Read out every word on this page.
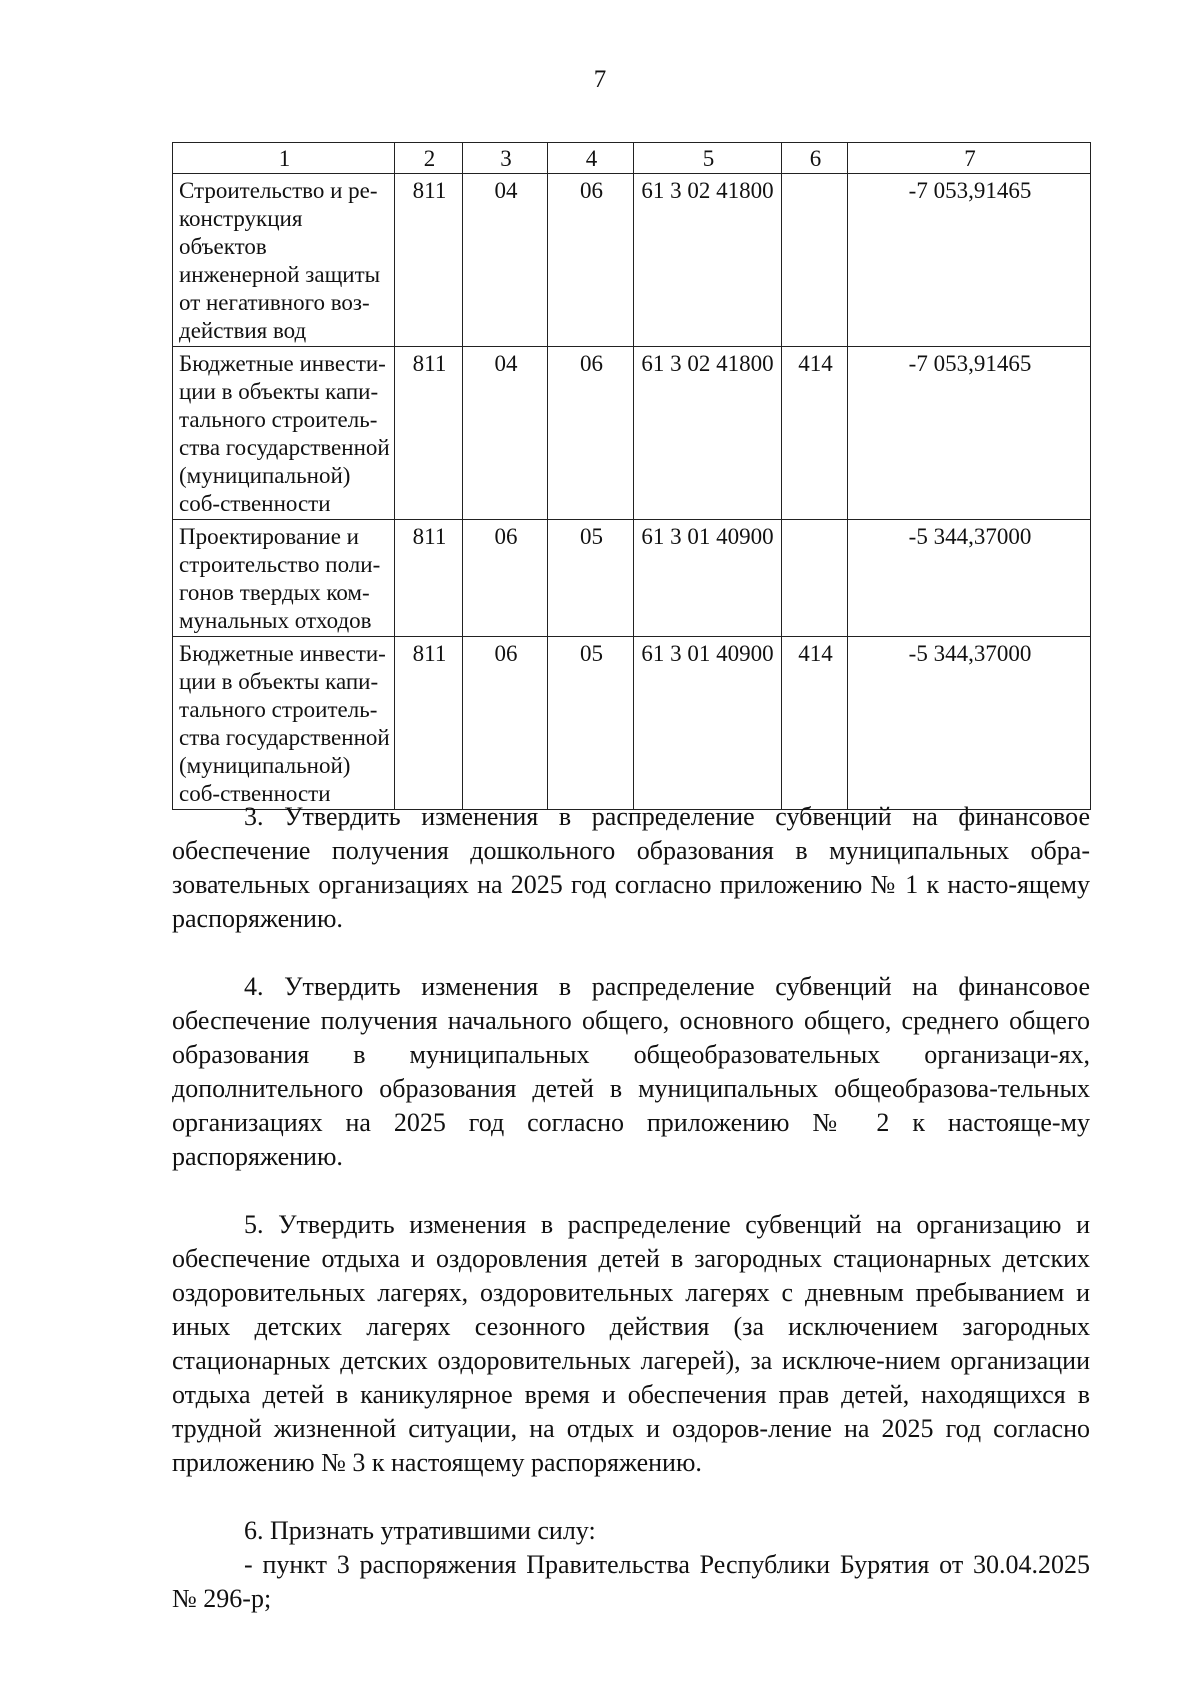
7
1	2	3	4	5	6	7
Строительство и ре-конструкция объектов инженерной защиты от негативного воз-действия вод	811	04	06	61 3 02 41800		-7 053,91465
Бюджетные инвести-ции в объекты капи-тального строитель-ства государственной (муниципальной) соб-ственности	811	04	06	61 3 02 41800	414	-7 053,91465
Проектирование и строительство поли-гонов твердых ком-мунальных отходов	811	06	05	61 3 01 40900		-5 344,37000
Бюджетные инвести-ции в объекты капи-тального строитель-ства государственной (муниципальной) соб-ственности	811	06	05	61 3 01 40900	414	-5 344,37000

3. Утвердить изменения в распределение субвенций на финансовое обеспечение получения дошкольного образования в муниципальных обра-зовательных организациях на 2025 год согласно приложению № 1 к насто-ящему распоряжению.

4. Утвердить изменения в распределение субвенций на финансовое обеспечение получения начального общего, основного общего, среднего общего образования в муниципальных общеобразовательных организаци-ях, дополнительного образования детей в муниципальных общеобразова-тельных организациях на 2025 год согласно приложению № 2 к настояще-му распоряжению.

5. Утвердить изменения в распределение субвенций на организацию и обеспечение отдыха и оздоровления детей в загородных стационарных детских оздоровительных лагерях, оздоровительных лагерях с дневным пребыванием и иных детских лагерях сезонного действия (за исключением загородных стационарных детских оздоровительных лагерей), за исключе-нием организации отдыха детей в каникулярное время и обеспечения прав детей, находящихся в трудной жизненной ситуации, на отдых и оздоров-ление на 2025 год согласно приложению № 3 к настоящему распоряжению.

6. Признать утратившими силу:

- пункт 3 распоряжения Правительства Республики Бурятия от 30.04.2025 № 296-р;
